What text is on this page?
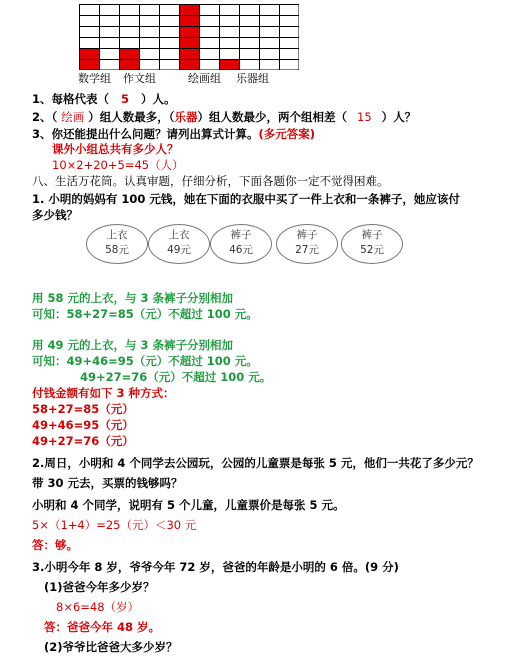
数学组 作文组	绘画组 乐器组
1、每格代表（ 5 ）人。
2、（ 绘画 ）组人数最多，（乐器）组人数最少，两个组相差（ 15 ）人？
3、你还能提出什么问题？请列出算式计算。(多元答案)
课外小组总共有多少人？
10×2+20+5=45（人）
八、生活万花筒。认真审题，仔细分析，下面各题你一定不觉得困难。
1. 小明的妈妈有 100 元钱，她在下面的衣服中买了一件上衣和一条裤子，她应该付
多少钱？
上衣
58元
上衣
49元
裤子
46元
裤子
27元
裤子
52元
用 58 元的上衣，与 3 条裤子分别相加
可知：58+27=85（元）不超过 100 元。
用 49 元的上衣，与 3 条裤子分别相加
可知：49+46=95（元）不超过 100 元。
49+27=76（元）不超过 100 元。
付钱金额有如下 3 种方式：
58+27=85（元）
49+46=95（元）
49+27=76（元）
2.周日，小明和 4 个同学去公园玩，公园的儿童票是每张 5 元，他们一共花了多少元？
带 30 元去，买票的钱够吗？
小明和 4 个同学，说明有 5 个儿童，儿童票价是每张 5 元。
5×（1+4）=25（元）＜30 元
答：够。
3.小明今年 8 岁，爷爷今年 72 岁，爸爸的年龄是小明的 6 倍。(9 分)
(1)爸爸今年多少岁？
8×6=48（岁）
答：爸爸今年 48 岁。
(2)爷爷比爸爸大多少岁？
